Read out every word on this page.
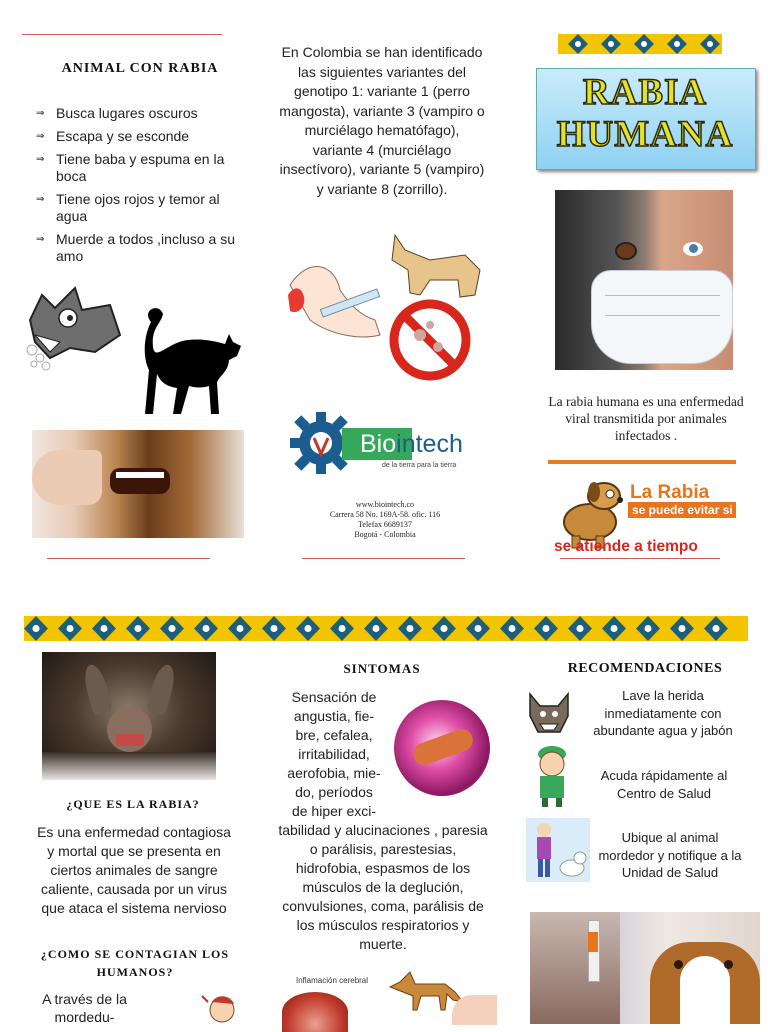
ANIMAL CON RABIA
⇒ Busca lugares oscuros
⇒ Escapa y se esconde
⇒ Tiene baba y espuma en la boca
⇒ Tiene ojos rojos y temor al agua
⇒ Muerde a todos ,incluso a su amo
En Colombia se han identificado las siguientes variantes del genotipo 1: variante 1 (perro mangosta), variante 3 (vampiro o murciélago hematófago), variante 4 (murciélago insectívoro), variante 5 (vampiro) y variante 8 (zorrillo).
Biointech
de la tierra para la tierra
www.biointech.co
Carrera 58 No. 169A-58. ofic. 116
Telefax 6689137
Bogotá - Colombia
RABIA
HUMANA
La rabia humana es una enfermedad viral transmitida por animales infectados .
La Rabia
se puede evitar si
se atiende a tiempo
¿QUE ES LA RABIA?
Es una enfermedad contagiosa y mortal que se presenta en ciertos animales de sangre caliente, causada por un virus que ataca el sistema nervioso
¿COMO SE CONTAGIAN LOS HUMANOS?
A través de la mordedu-
SINTOMAS
Sensación de
angustia, fie-
bre, cefalea,
irritabilidad,
aerofobia, mie-
do, períodos
de hiper exci-
tabilidad y alucinaciones , paresia o parálisis, parestesias, hidrofobia, espasmos de los músculos de la deglución, convulsiones, coma, parálisis de los músculos respiratorios y muerte.
Inflamación cerebral
RECOMENDACIONES
Lave la herida inmediatamente con abundante agua y jabón
Acuda rápidamente al Centro de Salud
Ubique al animal mordedor y notifique a la Unidad de Salud
